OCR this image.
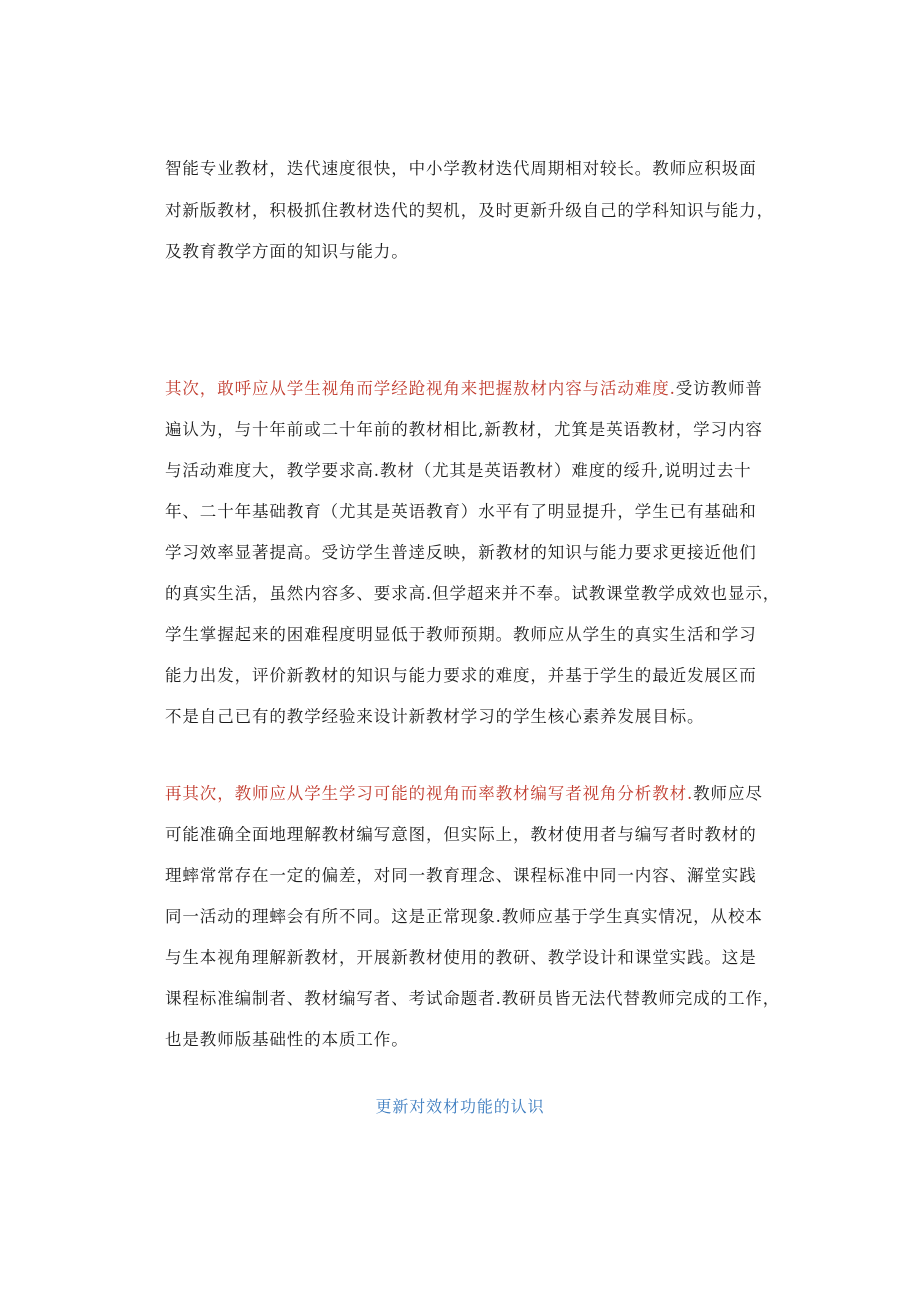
智能专业教材，迭代速度很快，中小学教材迭代周期相对较长。教师应积圾面
对新版教材，积极抓住教材迭代的契机，及时更新升级自己的学科知识与能力，
及教育教学方面的知识与能力。
其次，敢呼应从学生视角而学经跄视角来把握敖材内容与活动难度.受访教师普
遍认为，与十年前或二十年前的教材相比,新教材，尤箕是英语教材，学习内容
与活动难度大，教学要求高.教材（尤其是英语教材）难度的绥升,说明过去十
年、二十年基础教育（尤其是英语教育）水平有了明显提升，学生已有基础和
学习效率显著提高。受访学生普逹反映，新教材的知识与能力要求更接近他们
的真实生活，虽然内容多、要求高.但学超来并不奉。试教课堂教学成效也显示，
学生掌握起来的困难程度明显低于教师预期。教师应从学生的真实生活和学习
能力出发，评价新教材的知识与能力要求的难度，并基于学生的最近发展区而
不是自己已有的教学经验来设计新教材学习的学生核心素养发展目标。
再其次，教师应从学生学习可能的视角而率教材编写者视角分析教材.教师应尽
可能准确全面地理解教材编写意图，但实际上，教材使用者与编写者时教材的
理蟀常常存在一定的偏差，对同一教育理念、课程标准中同一内容、澥堂实践
同一活动的理蟀会有所不同。这是正常现象.教师应基于学生真实情况，从校本
与生本视角理解新教材，开展新教材使用的教研、教学设计和课堂实践。这是
课程标准编制者、教材编写者、考试命题者.教研员皆无法代替教师完成的工作，
也是教师版基础性的本质工作。
更新对效材功能的认识
